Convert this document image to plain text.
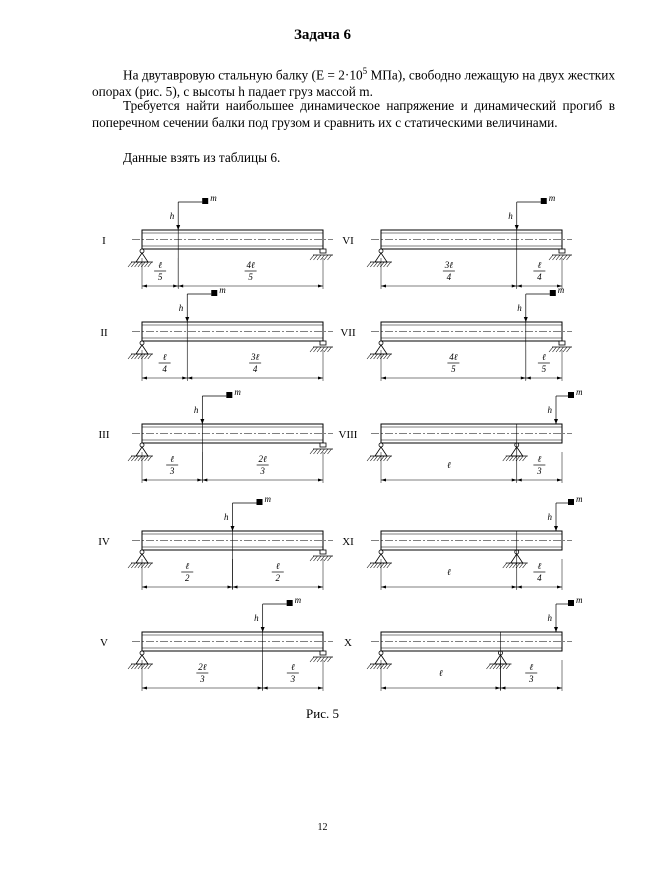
Задача 6

На двутавровую стальную балку ($Е = 2\cdot 10^5$ МПа), свободно лежащую на двух жестких опорах (рис. 5), с высоты h падает груз массой m.

Требуется найти наибольшее динамическое напряжение и динамический прогиб в поперечном сечении балки под грузом и сравнить их с статическими величинами.

Данные взять из таблицы 6.

I
ℓ
5
4ℓ
5
m
h
II
ℓ
4
3ℓ
4
m
h
III
ℓ
3
2ℓ
3
m
h
IV
ℓ
2
ℓ
2
m
h
V
2ℓ
3
ℓ
3
m
h
VI
3ℓ
4
ℓ
4
m
h
VII
4ℓ
5
ℓ
5
m
h
VIII
ℓ
ℓ
3
m
h
XI
ℓ
ℓ
4
m
h
X
ℓ
ℓ
3
m
h
Рис. 5
12
